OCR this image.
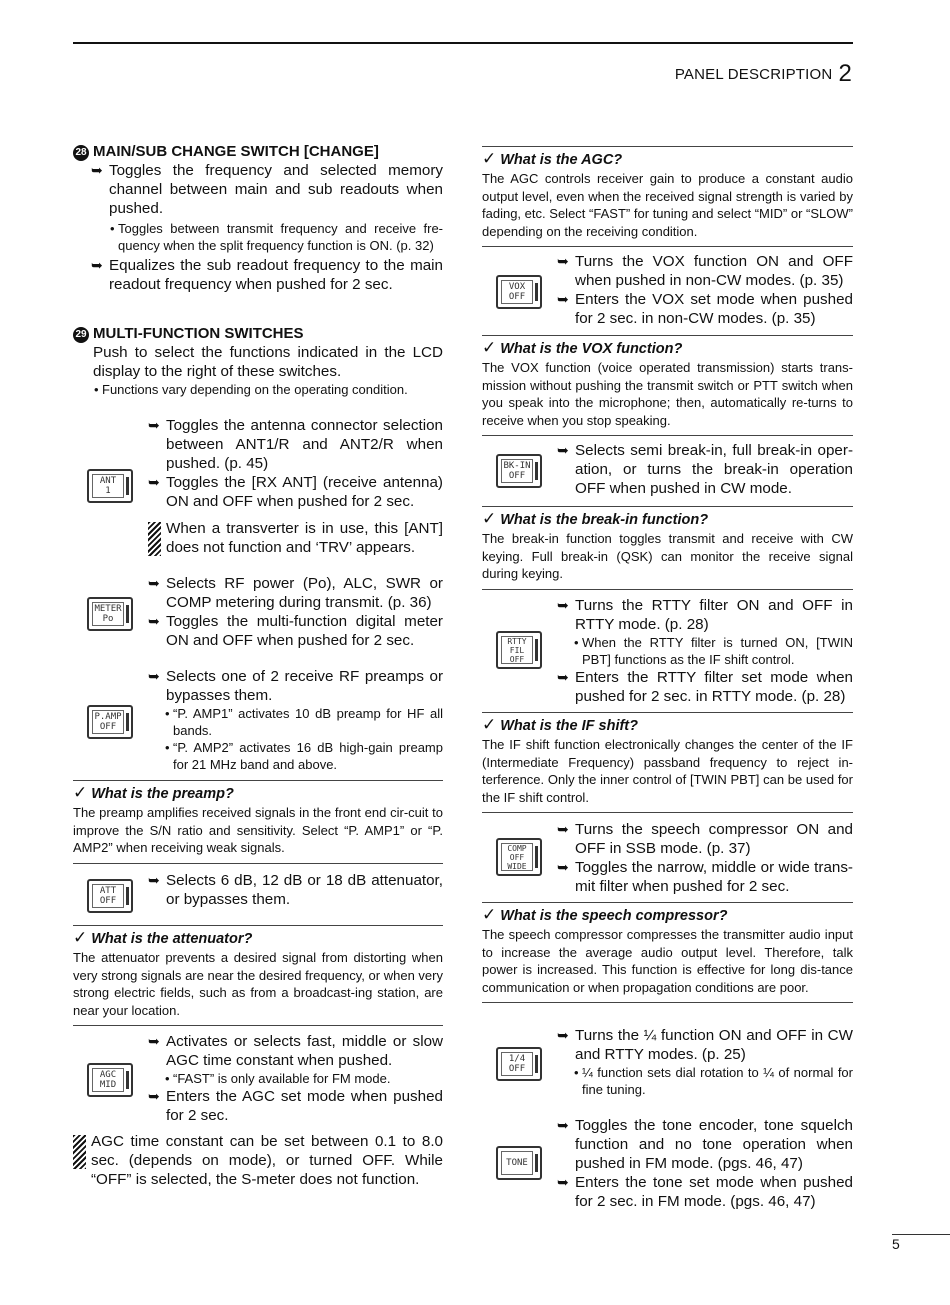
PANEL DESCRIPTION 2
28 MAIN/SUB CHANGE SWITCH [CHANGE]
➥ Toggles the frequency and selected memory channel between main and sub readouts when pushed.
• Toggles between transmit frequency and receive fre-quency when the split frequency function is ON. (p. 32)
➥ Equalizes the sub readout frequency to the main readout frequency when pushed for 2 sec.
29 MULTI-FUNCTION SWITCHES
Push to select the functions indicated in the LCD display to the right of these switches.
• Functions vary depending on the operating condition.
ANT
1
➥ Toggles the antenna connector selection between ANT1/R and ANT2/R when pushed. (p. 45)
➥ Toggles the [RX ANT] (receive antenna) ON and OFF when pushed for 2 sec.
When a transverter is in use, this [ANT] does not function and ‘TRV’ appears.
METER
Po
➥ Selects RF power (Po), ALC, SWR or COMP metering during transmit. (p. 36)
➥ Toggles the multi-function digital meter ON and OFF when pushed for 2 sec.
P.AMP
OFF
➥ Selects one of 2 receive RF preamps or bypasses them.
• “P. AMP1” activates 10 dB preamp for HF all bands.
• “P. AMP2” activates 16 dB high-gain preamp for 21 MHz band and above.
✓ What is the preamp?
The preamp amplifies received signals in the front end cir-cuit to improve the S/N ratio and sensitivity. Select “P. AMP1” or “P. AMP2” when receiving weak signals.
ATT
OFF
➥ Selects 6 dB, 12 dB or 18 dB attenuator, or bypasses them.
✓ What is the attenuator?
The attenuator prevents a desired signal from distorting when very strong signals are near the desired frequency, or when very strong electric fields, such as from a broadcast-ing station, are near your location.
AGC
MID
➥ Activates or selects fast, middle or slow AGC time constant when pushed.
• “FAST” is only available for FM mode.
➥ Enters the AGC set mode when pushed for 2 sec.
AGC time constant can be set between 0.1 to 8.0 sec. (depends on mode), or turned OFF. While “OFF” is selected, the S-meter does not function.
✓ What is the AGC?
The AGC controls receiver gain to produce a constant audio output level, even when the received signal strength is varied by fading, etc. Select “FAST” for tuning and select “MID” or “SLOW” depending on the receiving condition.
VOX
OFF
➥ Turns the VOX function ON and OFF when pushed in non-CW modes. (p. 35)
➥ Enters the VOX set mode when pushed for 2 sec. in non-CW modes. (p. 35)
✓ What is the VOX function?
The VOX function (voice operated transmission) starts trans-mission without pushing the transmit switch or PTT switch when you speak into the microphone; then, automatically re-turns to receive when you stop speaking.
BK-IN
OFF
➥ Selects semi break-in, full break-in oper-ation, or turns the break-in operation OFF when pushed in CW mode.
✓ What is the break-in function?
The break-in function toggles transmit and receive with CW keying. Full break-in (QSK) can monitor the receive signal during keying.
RTTY
FIL
OFF
➥ Turns the RTTY filter ON and OFF in RTTY mode. (p. 28)
• When the RTTY filter is turned ON, [TWIN PBT] functions as the IF shift control.
➥ Enters the RTTY filter set mode when pushed for 2 sec. in RTTY mode. (p. 28)
✓ What is the IF shift?
The IF shift function electronically changes the center of the IF (Intermediate Frequency) passband frequency to reject in-terference. Only the inner control of [TWIN PBT] can be used for the IF shift control.
COMP
OFF
WIDE
➥ Turns the speech compressor ON and OFF in SSB mode. (p. 37)
➥ Toggles the narrow, middle or wide trans-mit filter when pushed for 2 sec.
✓ What is the speech compressor?
The speech compressor compresses the transmitter audio input to increase the average audio output level. Therefore, talk power is increased. This function is effective for long dis-tance communication or when propagation conditions are poor.
1/4
OFF
➥ Turns the ¼ function ON and OFF in CW and RTTY modes. (p. 25)
• ¼ function sets dial rotation to ¼ of normal for fine tuning.
TONE
➥ Toggles the tone encoder, tone squelch function and no tone operation when pushed in FM mode. (pgs. 46, 47)
➥ Enters the tone set mode when pushed for 2 sec. in FM mode. (pgs. 46, 47)
5
